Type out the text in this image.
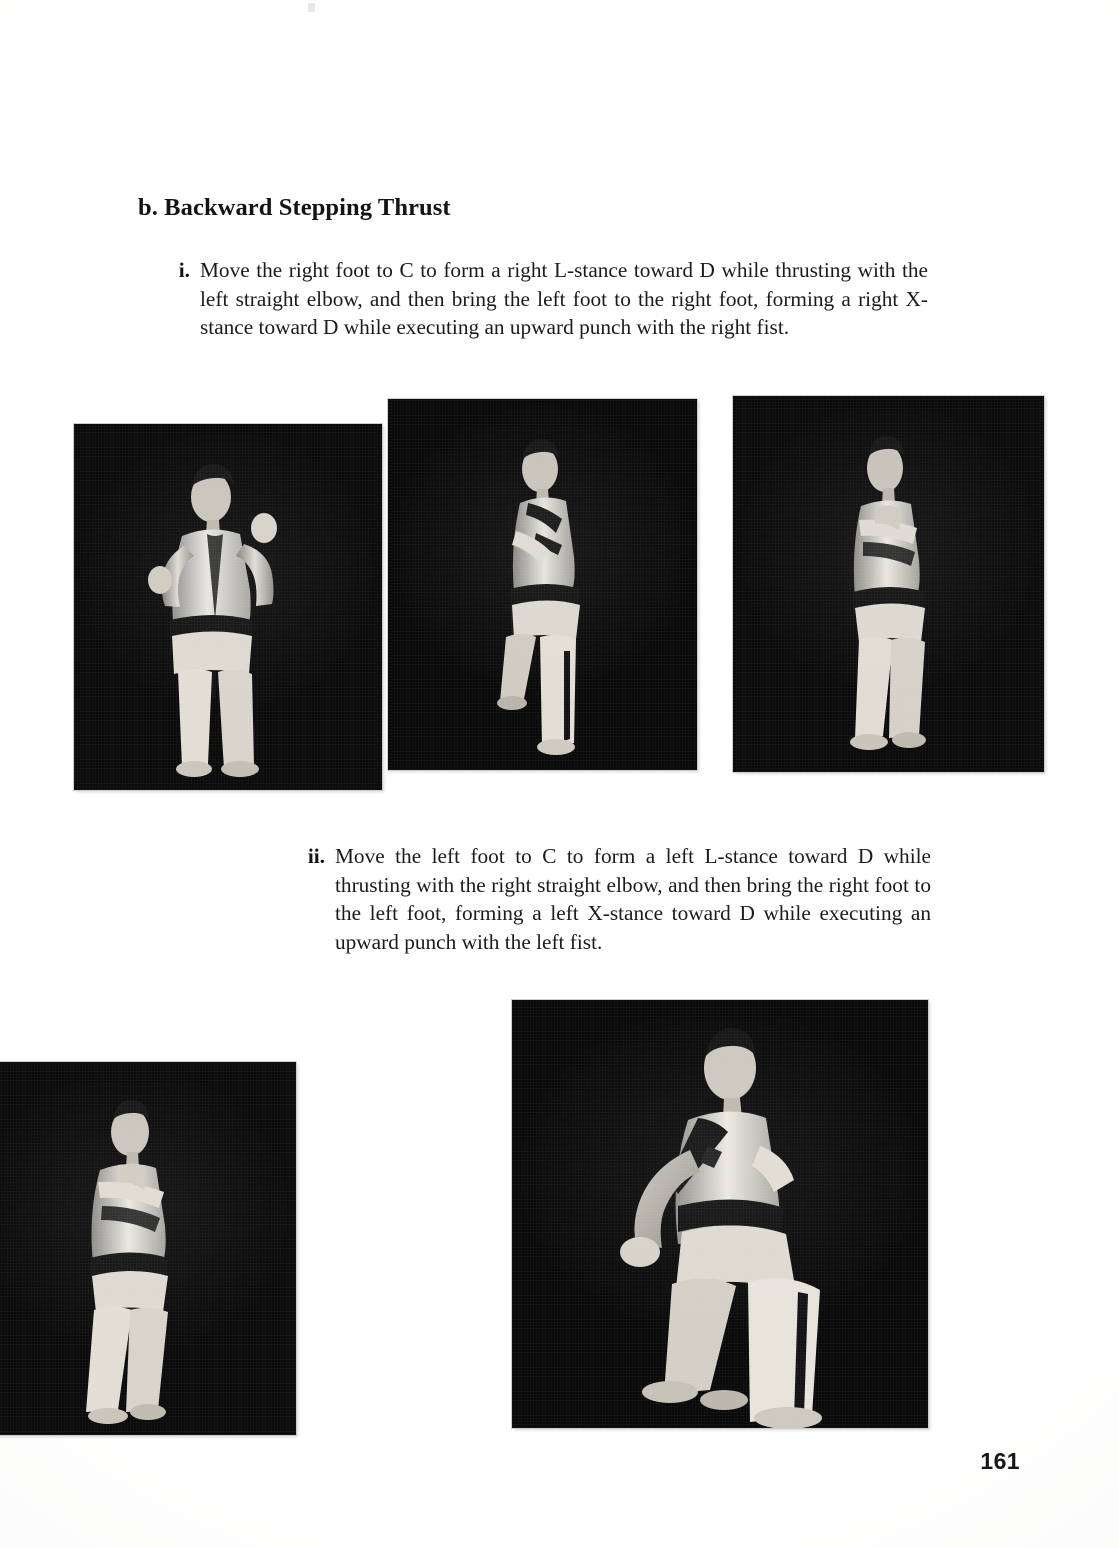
b. Backward Stepping Thrust
i. Move the right foot to C to form a right L-stance toward D while thrusting with the left straight elbow, and then bring the left foot to the right foot, forming a right X-stance toward D while executing an upward punch with the right fist.
ii. Move the left foot to C to form a left L-stance toward D while thrusting with the right straight elbow, and then bring the right foot to the left foot, forming a left X-stance toward D while executing an upward punch with the left fist.
161
